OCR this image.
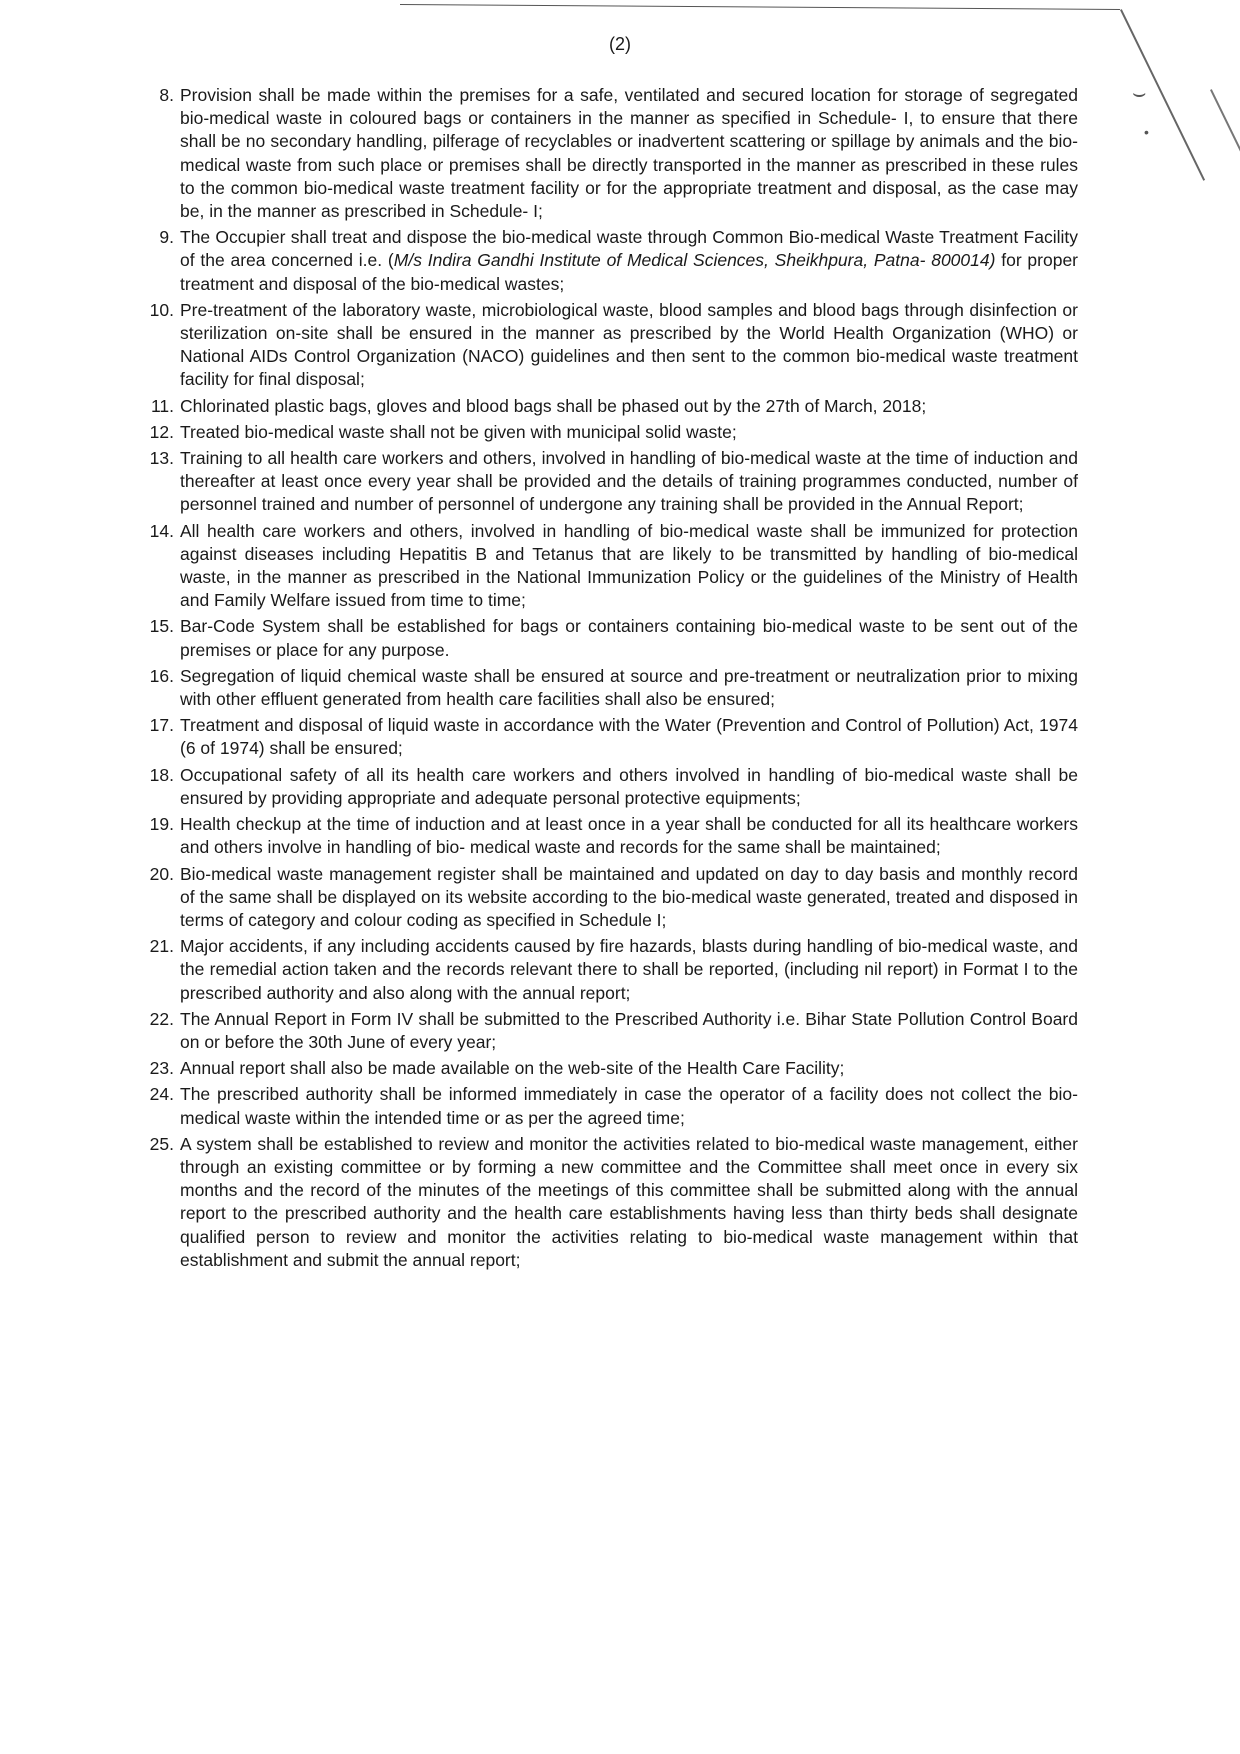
⌣
•
(2)
8. Provision shall be made within the premises for a safe, ventilated and secured location for storage of segregated bio-medical waste in coloured bags or containers in the manner as specified in Schedule- I, to ensure that there shall be no secondary handling, pilferage of recyclables or inadvertent scattering or spillage by animals and the bio-medical waste from such place or premises shall be directly transported in the manner as prescribed in these rules to the common bio-medical waste treatment facility or for the appropriate treatment and disposal, as the case may be, in the manner as prescribed in Schedule- I;
9. The Occupier shall treat and dispose the bio-medical waste through Common Bio-medical Waste Treatment Facility of the area concerned i.e. (M/s Indira Gandhi Institute of Medical Sciences, Sheikhpura, Patna- 800014) for proper treatment and disposal of the bio-medical wastes;
10. Pre-treatment of the laboratory waste, microbiological waste, blood samples and blood bags through disinfection or sterilization on-site shall be ensured in the manner as prescribed by the World Health Organization (WHO) or National AIDs Control Organization (NACO) guidelines and then sent to the common bio-medical waste treatment facility for final disposal;
11. Chlorinated plastic bags, gloves and blood bags shall be phased out by the 27th of March, 2018;
12. Treated bio-medical waste shall not be given with municipal solid waste;
13. Training to all health care workers and others, involved in handling of bio-medical waste at the time of induction and thereafter at least once every year shall be provided and the details of training programmes conducted, number of personnel trained and number of personnel of undergone any training shall be provided in the Annual Report;
14. All health care workers and others, involved in handling of bio-medical waste shall be immunized for protection against diseases including Hepatitis B and Tetanus that are likely to be transmitted by handling of bio-medical waste, in the manner as prescribed in the National Immunization Policy or the guidelines of the Ministry of Health and Family Welfare issued from time to time;
15. Bar-Code System shall be established for bags or containers containing bio-medical waste to be sent out of the premises or place for any purpose.
16. Segregation of liquid chemical waste shall be ensured at source and pre-treatment or neutralization prior to mixing with other effluent generated from health care facilities shall also be ensured;
17. Treatment and disposal of liquid waste in accordance with the Water (Prevention and Control of Pollution) Act, 1974 (6 of 1974) shall be ensured;
18. Occupational safety of all its health care workers and others involved in handling of bio-medical waste shall be ensured by providing appropriate and adequate personal protective equipments;
19. Health checkup at the time of induction and at least once in a year shall be conducted for all its healthcare workers and others involve in handling of bio- medical waste and records for the same shall be maintained;
20. Bio-medical waste management register shall be maintained and updated on day to day basis and monthly record of the same shall be displayed on its website according to the bio-medical waste generated, treated and disposed in terms of category and colour coding as specified in Schedule I;
21. Major accidents, if any including accidents caused by fire hazards, blasts during handling of bio-medical waste, and the remedial action taken and the records relevant there to shall be reported, (including nil report) in Format I to the prescribed authority and also along with the annual report;
22. The Annual Report in Form IV shall be submitted to the Prescribed Authority i.e. Bihar State Pollution Control Board on or before the 30th June of every year;
23. Annual report shall also be made available on the web-site of the Health Care Facility;
24. The prescribed authority shall be informed immediately in case the operator of a facility does not collect the bio-medical waste within the intended time or as per the agreed time;
25. A system shall be established to review and monitor the activities related to bio-medical waste management, either through an existing committee or by forming a new committee and the Committee shall meet once in every six months and the record of the minutes of the meetings of this committee shall be submitted along with the annual report to the prescribed authority and the health care establishments having less than thirty beds shall designate qualified person to review and monitor the activities relating to bio-medical waste management within that establishment and submit the annual report;
